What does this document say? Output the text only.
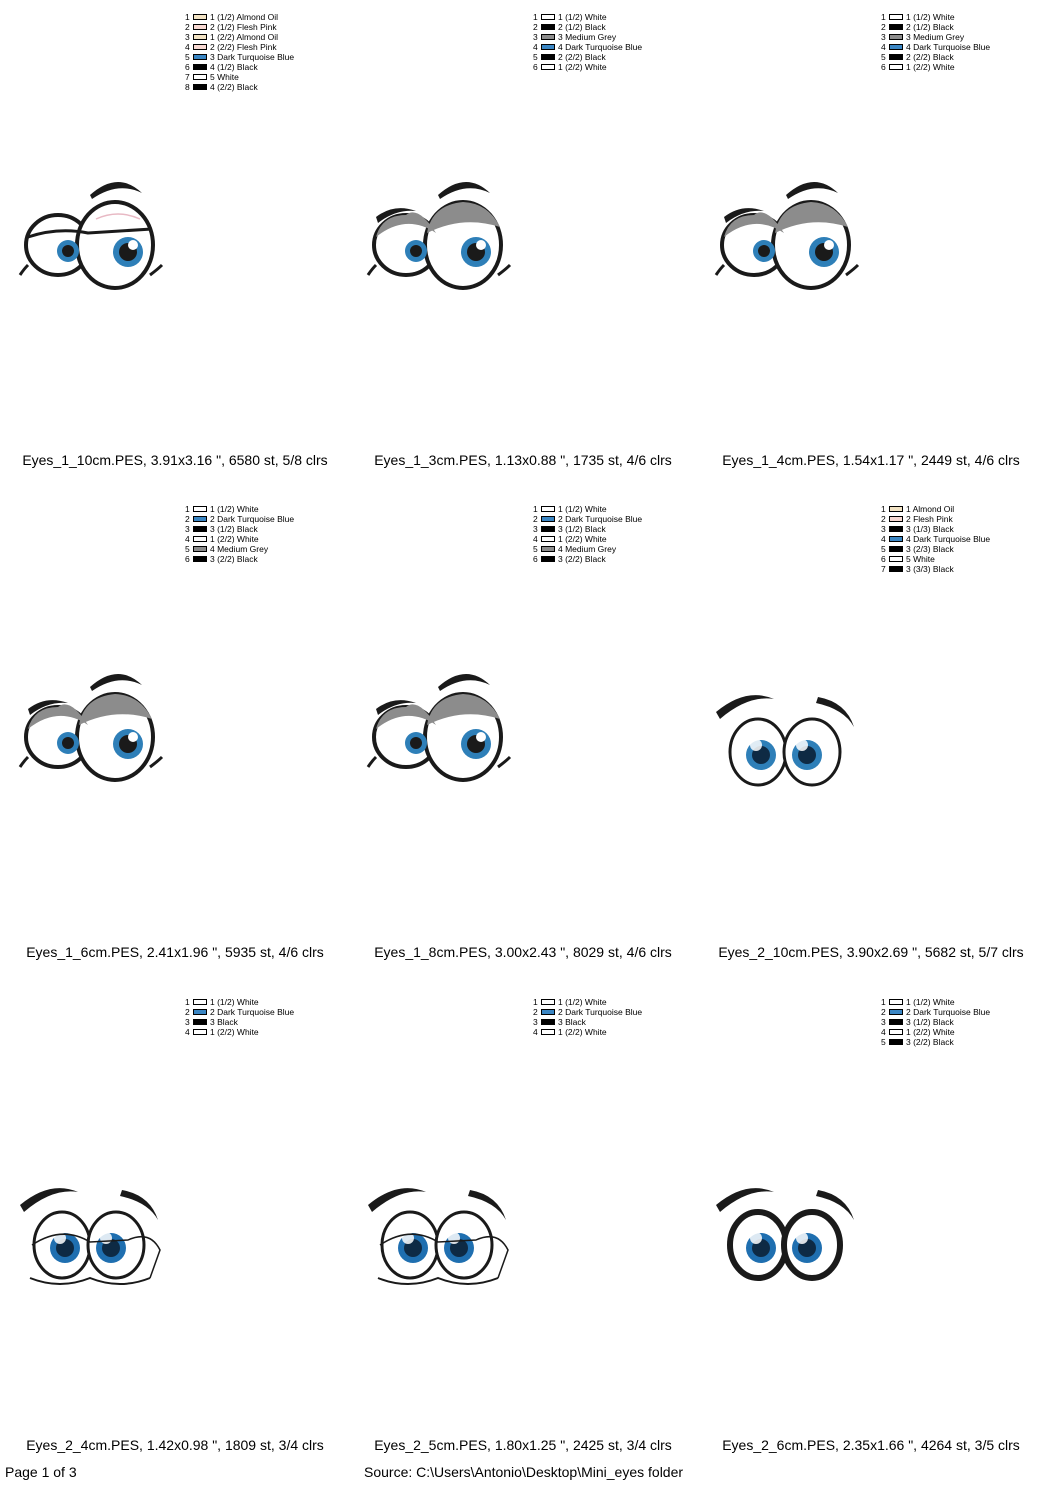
1	1 (1/2) Almond Oil
2	2 (1/2) Flesh Pink
3	1 (2/2) Almond Oil
4	2 (2/2) Flesh Pink
5	3 Dark Turquoise Blue
6	4 (1/2) Black
7	5 White
8	4 (2/2) Black
Eyes_1_10cm.PES, 3.91x3.16 ", 6580 st, 5/8 clrs
1	1 (1/2) White
2	2 (1/2) Black
3	3 Medium Grey
4	4 Dark Turquoise Blue
5	2 (2/2) Black
6	1 (2/2) White
Eyes_1_3cm.PES, 1.13x0.88 ", 1735 st, 4/6 clrs
1	1 (1/2) White
2	2 (1/2) Black
3	3 Medium Grey
4	4 Dark Turquoise Blue
5	2 (2/2) Black
6	1 (2/2) White
Eyes_1_4cm.PES, 1.54x1.17 ", 2449 st, 4/6 clrs
1	1 (1/2) White
2	2 Dark Turquoise Blue
3	3 (1/2) Black
4	1 (2/2) White
5	4 Medium Grey
6	3 (2/2) Black
Eyes_1_6cm.PES, 2.41x1.96 ", 5935 st, 4/6 clrs
1	1 (1/2) White
2	2 Dark Turquoise Blue
3	3 (1/2) Black
4	1 (2/2) White
5	4 Medium Grey
6	3 (2/2) Black
Eyes_1_8cm.PES, 3.00x2.43 ", 8029 st, 4/6 clrs
1	1 Almond Oil
2	2 Flesh Pink
3	3 (1/3) Black
4	4 Dark Turquoise Blue
5	3 (2/3) Black
6	5 White
7	3 (3/3) Black
Eyes_2_10cm.PES, 3.90x2.69 ", 5682 st, 5/7 clrs
1	1 (1/2) White
2	2 Dark Turquoise Blue
3	3 Black
4	1 (2/2) White
Eyes_2_4cm.PES, 1.42x0.98 ", 1809 st, 3/4 clrs
1	1 (1/2) White
2	2 Dark Turquoise Blue
3	3 Black
4	1 (2/2) White
Eyes_2_5cm.PES, 1.80x1.25 ", 2425 st, 3/4 clrs
1	1 (1/2) White
2	2 Dark Turquoise Blue
3	3 (1/2) Black
4	1 (2/2) White
5	3 (2/2) Black
Eyes_2_6cm.PES, 2.35x1.66 ", 4264 st, 3/5 clrs
Page 1 of 3	Source: C:\Users\Antonio\Desktop\Mini_eyes folder
